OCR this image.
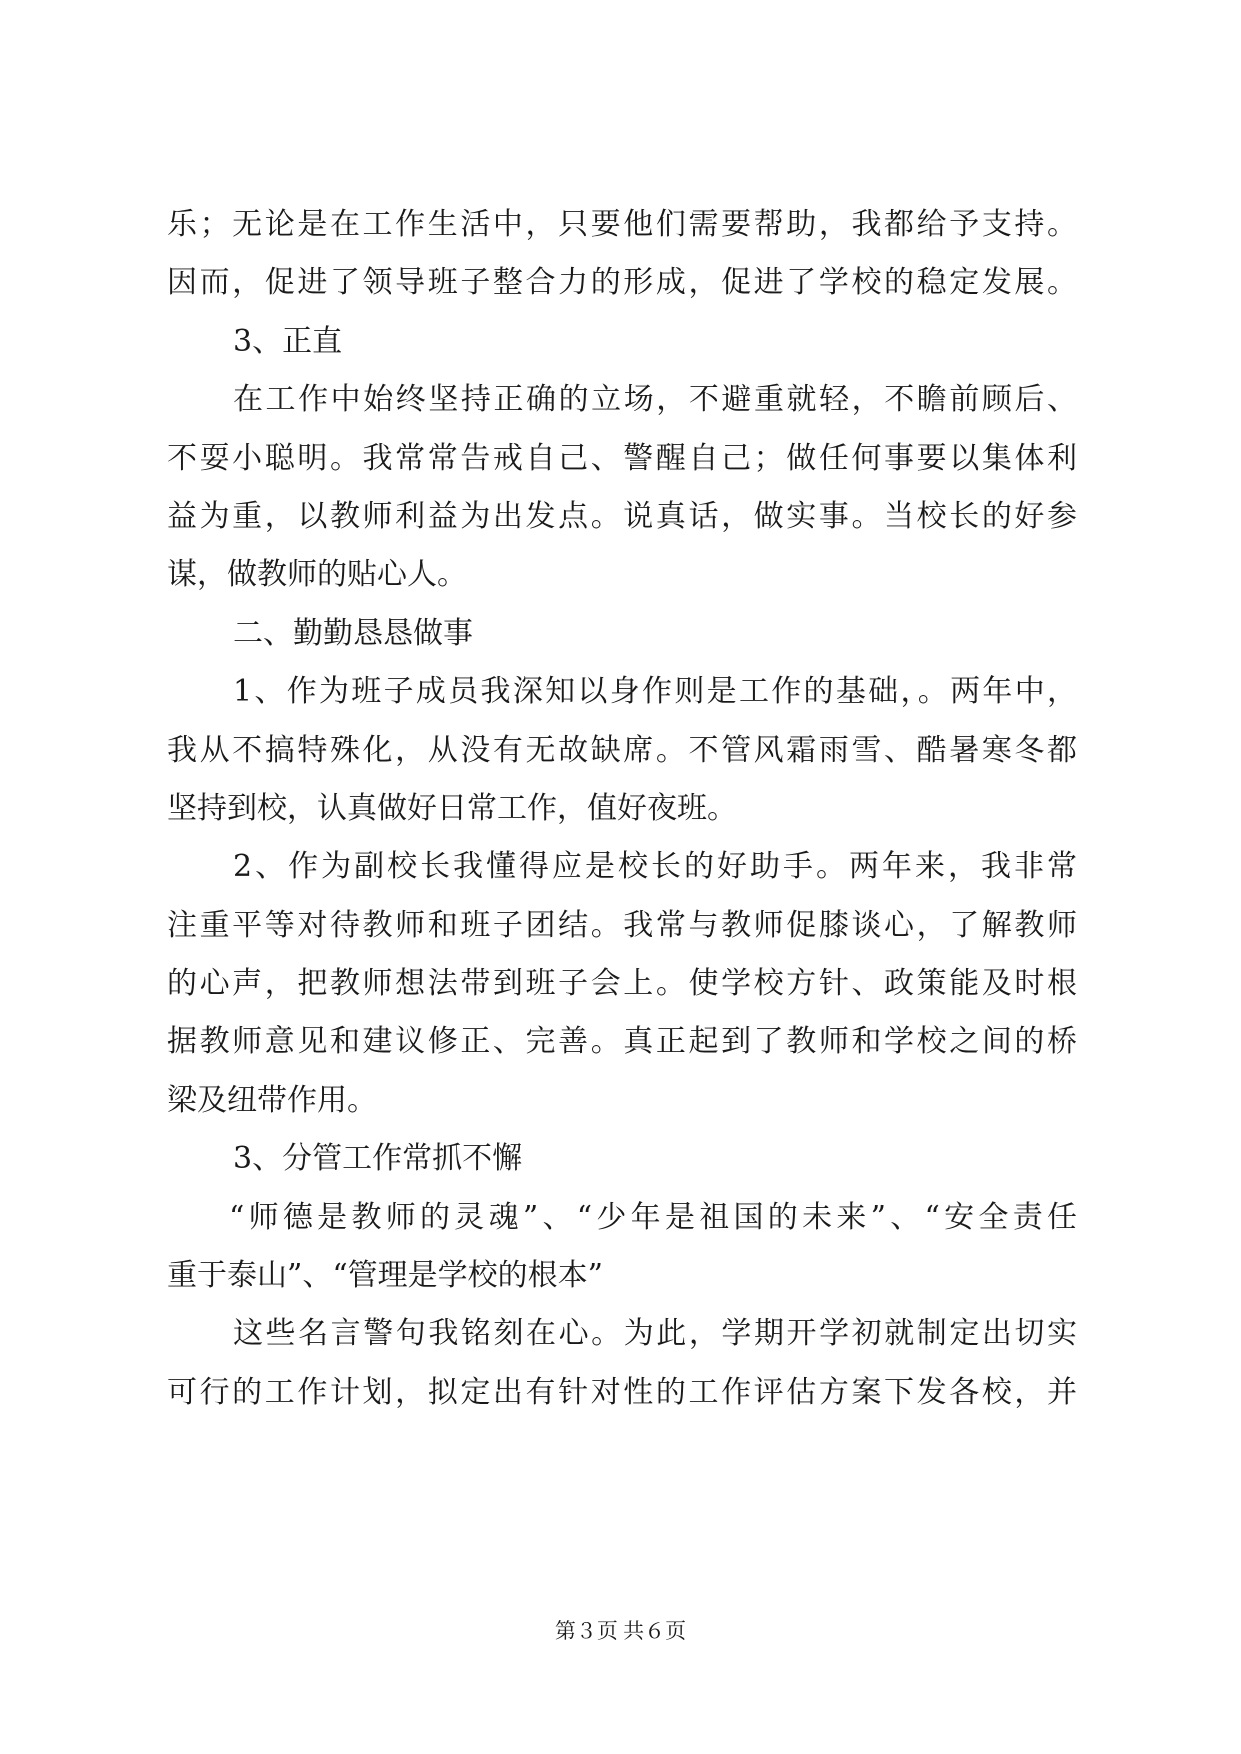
乐；无论是在工作生活中，只要他们需要帮助，我都给予支持。
因而，促进了领导班子整合力的形成，促进了学校的稳定发展。
3、正直
在工作中始终坚持正确的立场，不避重就轻，不瞻前顾后、
不耍小聪明。我常常告戒自己、警醒自己；做任何事要以集体利
益为重，以教师利益为出发点。说真话，做实事。当校长的好参
谋，做教师的贴心人。
二、勤勤恳恳做事
1、作为班子成员我深知以身作则是工作的基础，。两年中，
我从不搞特殊化，从没有无故缺席。不管风霜雨雪、酷暑寒冬都
坚持到校，认真做好日常工作，值好夜班。
2、作为副校长我懂得应是校长的好助手。两年来，我非常
注重平等对待教师和班子团结。我常与教师促膝谈心，了解教师
的心声，把教师想法带到班子会上。使学校方针、政策能及时根
据教师意见和建议修正、完善。真正起到了教师和学校之间的桥
梁及纽带作用。
3、分管工作常抓不懈
“师德是教师的灵魂”、“少年是祖国的未来”、“安全责任
重于泰山”、“管理是学校的根本”
这些名言警句我铭刻在心。为此，学期开学初就制定出切实
可行的工作计划，拟定出有针对性的工作评估方案下发各校，并
第３页 共６页
